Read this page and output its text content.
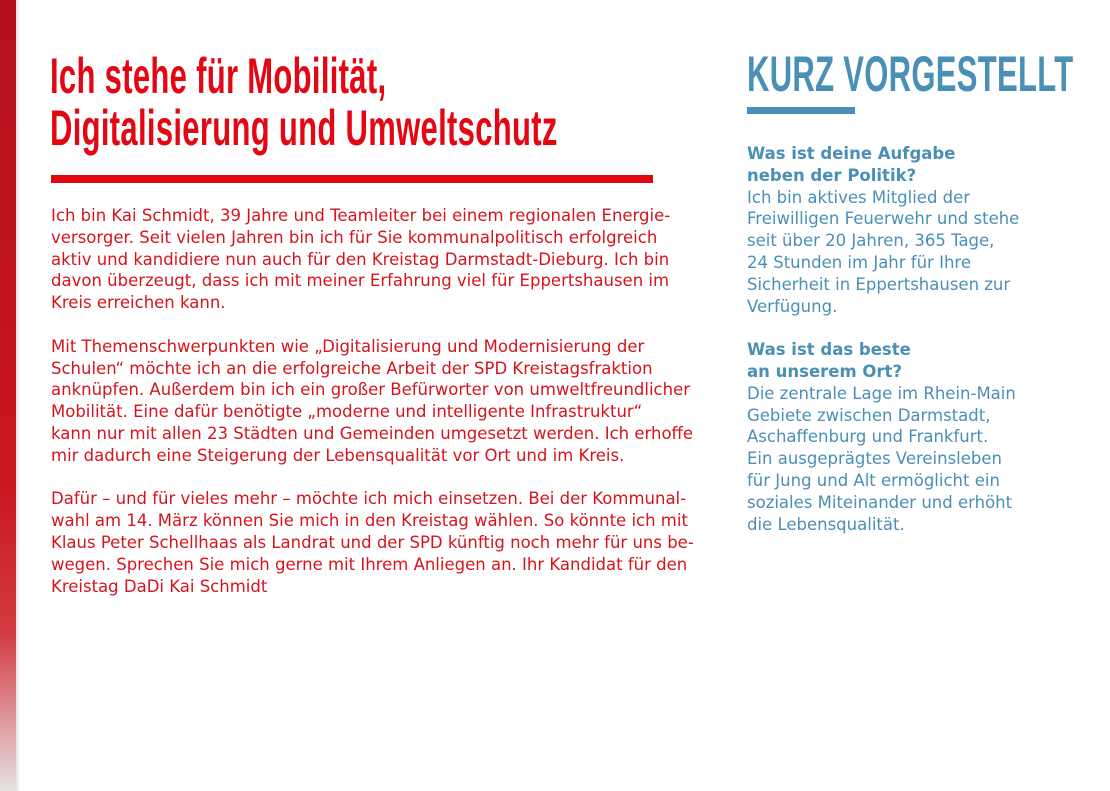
Ich stehe für Mobilität,
Digitalisierung und Umweltschutz

Ich bin Kai Schmidt, 39 Jahre und Teamleiter bei einem regionalen Energie-
versorger. Seit vielen Jahren bin ich für Sie kommunalpolitisch erfolgreich
aktiv und kandidiere nun auch für den Kreistag Darmstadt-Dieburg. Ich bin
davon überzeugt, dass ich mit meiner Erfahrung viel für Eppertshausen im
Kreis erreichen kann.

Mit Themenschwerpunkten wie „Digitalisierung und Modernisierung der
Schulen“ möchte ich an die erfolgreiche Arbeit der SPD Kreistagsfraktion
anknüpfen. Außerdem bin ich ein großer Befürworter von umweltfreundlicher
Mobilität. Eine dafür benötigte „moderne und intelligente Infrastruktur“
kann nur mit allen 23 Städten und Gemeinden umgesetzt werden. Ich erhoffe
mir dadurch eine Steigerung der Lebensqualität vor Ort und im Kreis.

Dafür – und für vieles mehr – möchte ich mich einsetzen. Bei der Kommunal-
wahl am 14. März können Sie mich in den Kreistag wählen. So könnte ich mit
Klaus Peter Schellhaas als Landrat und der SPD künftig noch mehr für uns be-
wegen. Sprechen Sie mich gerne mit Ihrem Anliegen an. Ihr Kandidat für den
Kreistag DaDi Kai Schmidt

KURZ VORGESTELLT
Was ist deine Aufgabe
neben der Politik?
Ich bin aktives Mitglied der
Freiwilligen Feuerwehr und stehe
seit über 20 Jahren, 365 Tage,
24 Stunden im Jahr für Ihre
Sicherheit in Eppertshausen zur
Verfügung.
Was ist das beste
an unserem Ort?
Die zentrale Lage im Rhein-Main
Gebiete zwischen Darmstadt,
Aschaffenburg und Frankfurt.
Ein ausgeprägtes Vereinsleben
für Jung und Alt ermöglicht ein
soziales Miteinander und erhöht
die Lebensqualität.
